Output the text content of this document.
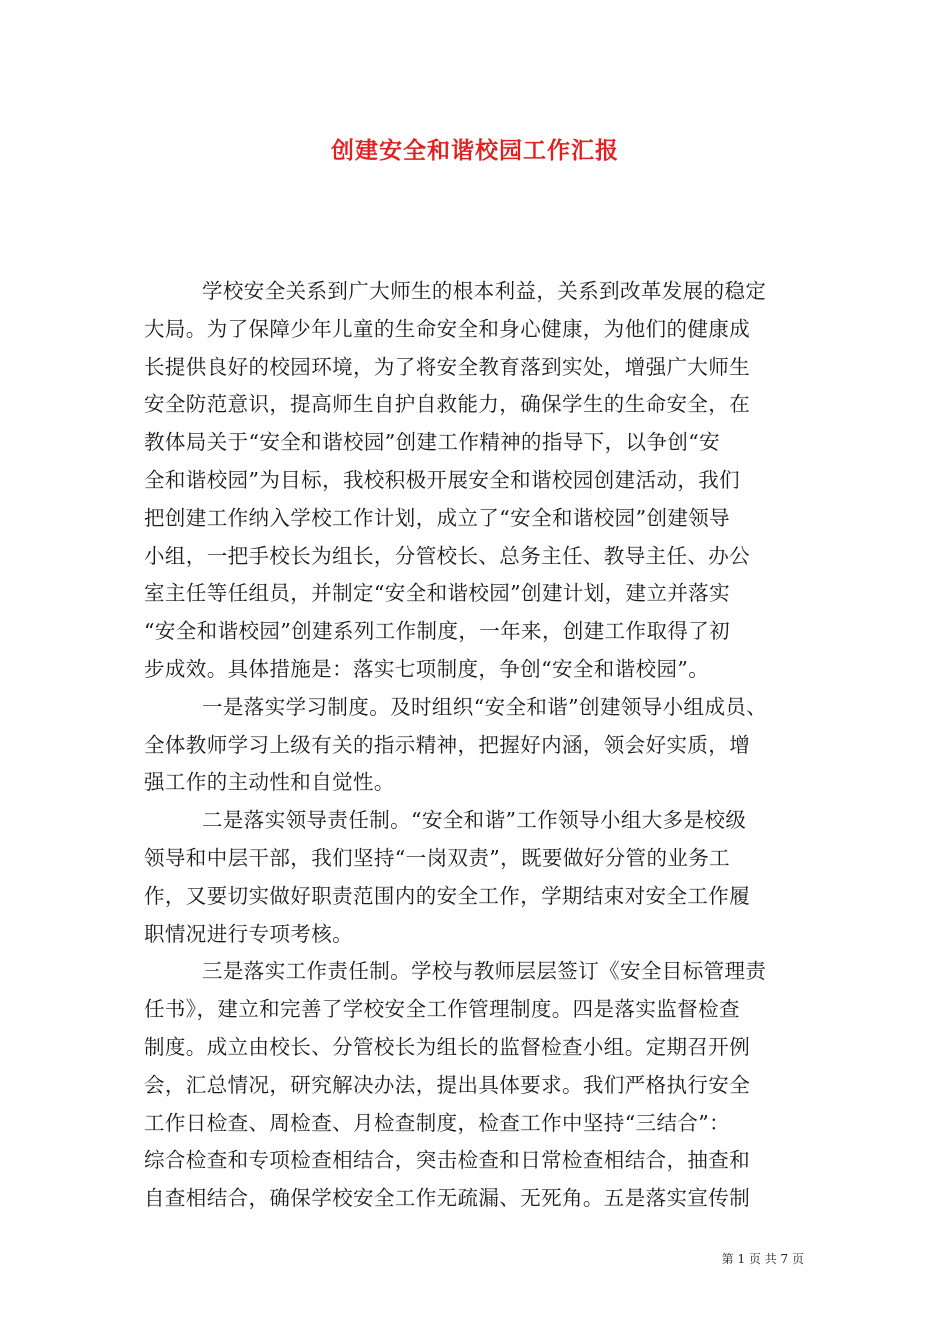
创建安全和谐校园工作汇报
学校安全关系到广大师生的根本利益，关系到改革发展的稳定
大局。为了保障少年儿童的生命安全和身心健康，为他们的健康成
长提供良好的校园环境，为了将安全教育落到实处，增强广大师生
安全防范意识，提高师生自护自救能力，确保学生的生命安全，在
教体局关于“安全和谐校园”创建工作精神的指导下，以争创“安
全和谐校园”为目标，我校积极开展安全和谐校园创建活动，我们
把创建工作纳入学校工作计划，成立了“安全和谐校园”创建领导
小组，一把手校长为组长，分管校长、总务主任、教导主任、办公
室主任等任组员，并制定“安全和谐校园”创建计划，建立并落实
“安全和谐校园”创建系列工作制度，一年来，创建工作取得了初
步成效。具体措施是：落实七项制度，争创“安全和谐校园”。
一是落实学习制度。及时组织“安全和谐”创建领导小组成员、
全体教师学习上级有关的指示精神，把握好内涵，领会好实质，增
强工作的主动性和自觉性。
二是落实领导责任制。“安全和谐”工作领导小组大多是校级
领导和中层干部，我们坚持“一岗双责”，既要做好分管的业务工
作，又要切实做好职责范围内的安全工作，学期结束对安全工作履
职情况进行专项考核。
三是落实工作责任制。学校与教师层层签订《安全目标管理责
任书》，建立和完善了学校安全工作管理制度。四是落实监督检查
制度。成立由校长、分管校长为组长的监督检查小组。定期召开例
会，汇总情况，研究解决办法，提出具体要求。我们严格执行安全
工作日检查、周检查、月检查制度，检查工作中坚持“三结合”：
综合检查和专项检查相结合，突击检查和日常检查相结合，抽查和
自查相结合，确保学校安全工作无疏漏、无死角。五是落实宣传制
第 1 页 共 7 页
